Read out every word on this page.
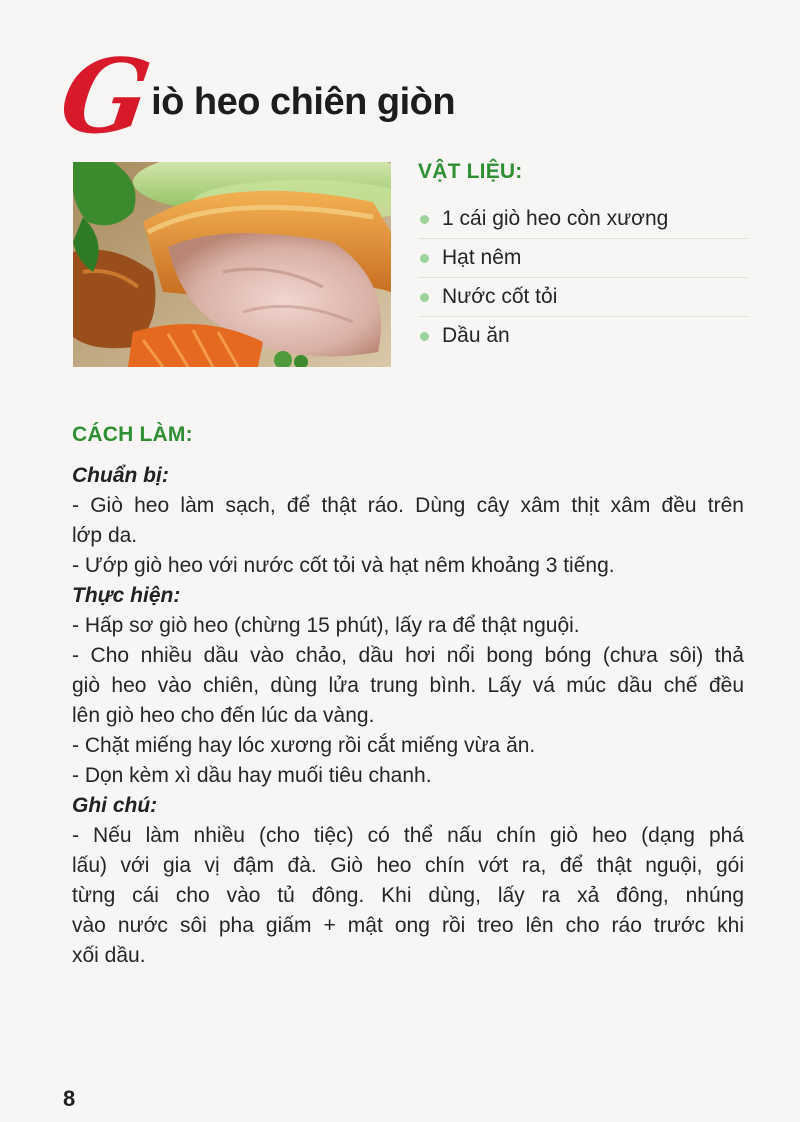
G
iò heo chiên giòn
VẬT LIỆU:
1 cái giò heo còn xương
Hạt nêm
Nước cốt tỏi
Dầu ăn
CÁCH LÀM:
Chuẩn bị:
- Giò heo làm sạch, để thật ráo. Dùng cây xâm thịt xâm đều trên
lớp da.
- Ướp giò heo với nước cốt tỏi và hạt nêm khoảng 3 tiếng.
Thực hiện:
- Hấp sơ giò heo (chừng 15 phút), lấy ra để thật nguội.
- Cho nhiều dầu vào chảo, dầu hơi nổi bong bóng (chưa sôi) thả
giò heo vào chiên, dùng lửa trung bình. Lấy vá múc dầu chế đều
lên giò heo cho đến lúc da vàng.
- Chặt miếng hay lóc xương rồi cắt miếng vừa ăn.
- Dọn kèm xì dầu hay muối tiêu chanh.
Ghi chú:
- Nếu làm nhiều (cho tiệc) có thể nấu chín giò heo (dạng phá
lấu) với gia vị đậm đà. Giò heo chín vớt ra, để thật nguội, gói
từng cái cho vào tủ đông. Khi dùng, lấy ra xả đông, nhúng
vào nước sôi pha giấm + mật ong rồi treo lên cho ráo trước khi
xối dầu.
8
